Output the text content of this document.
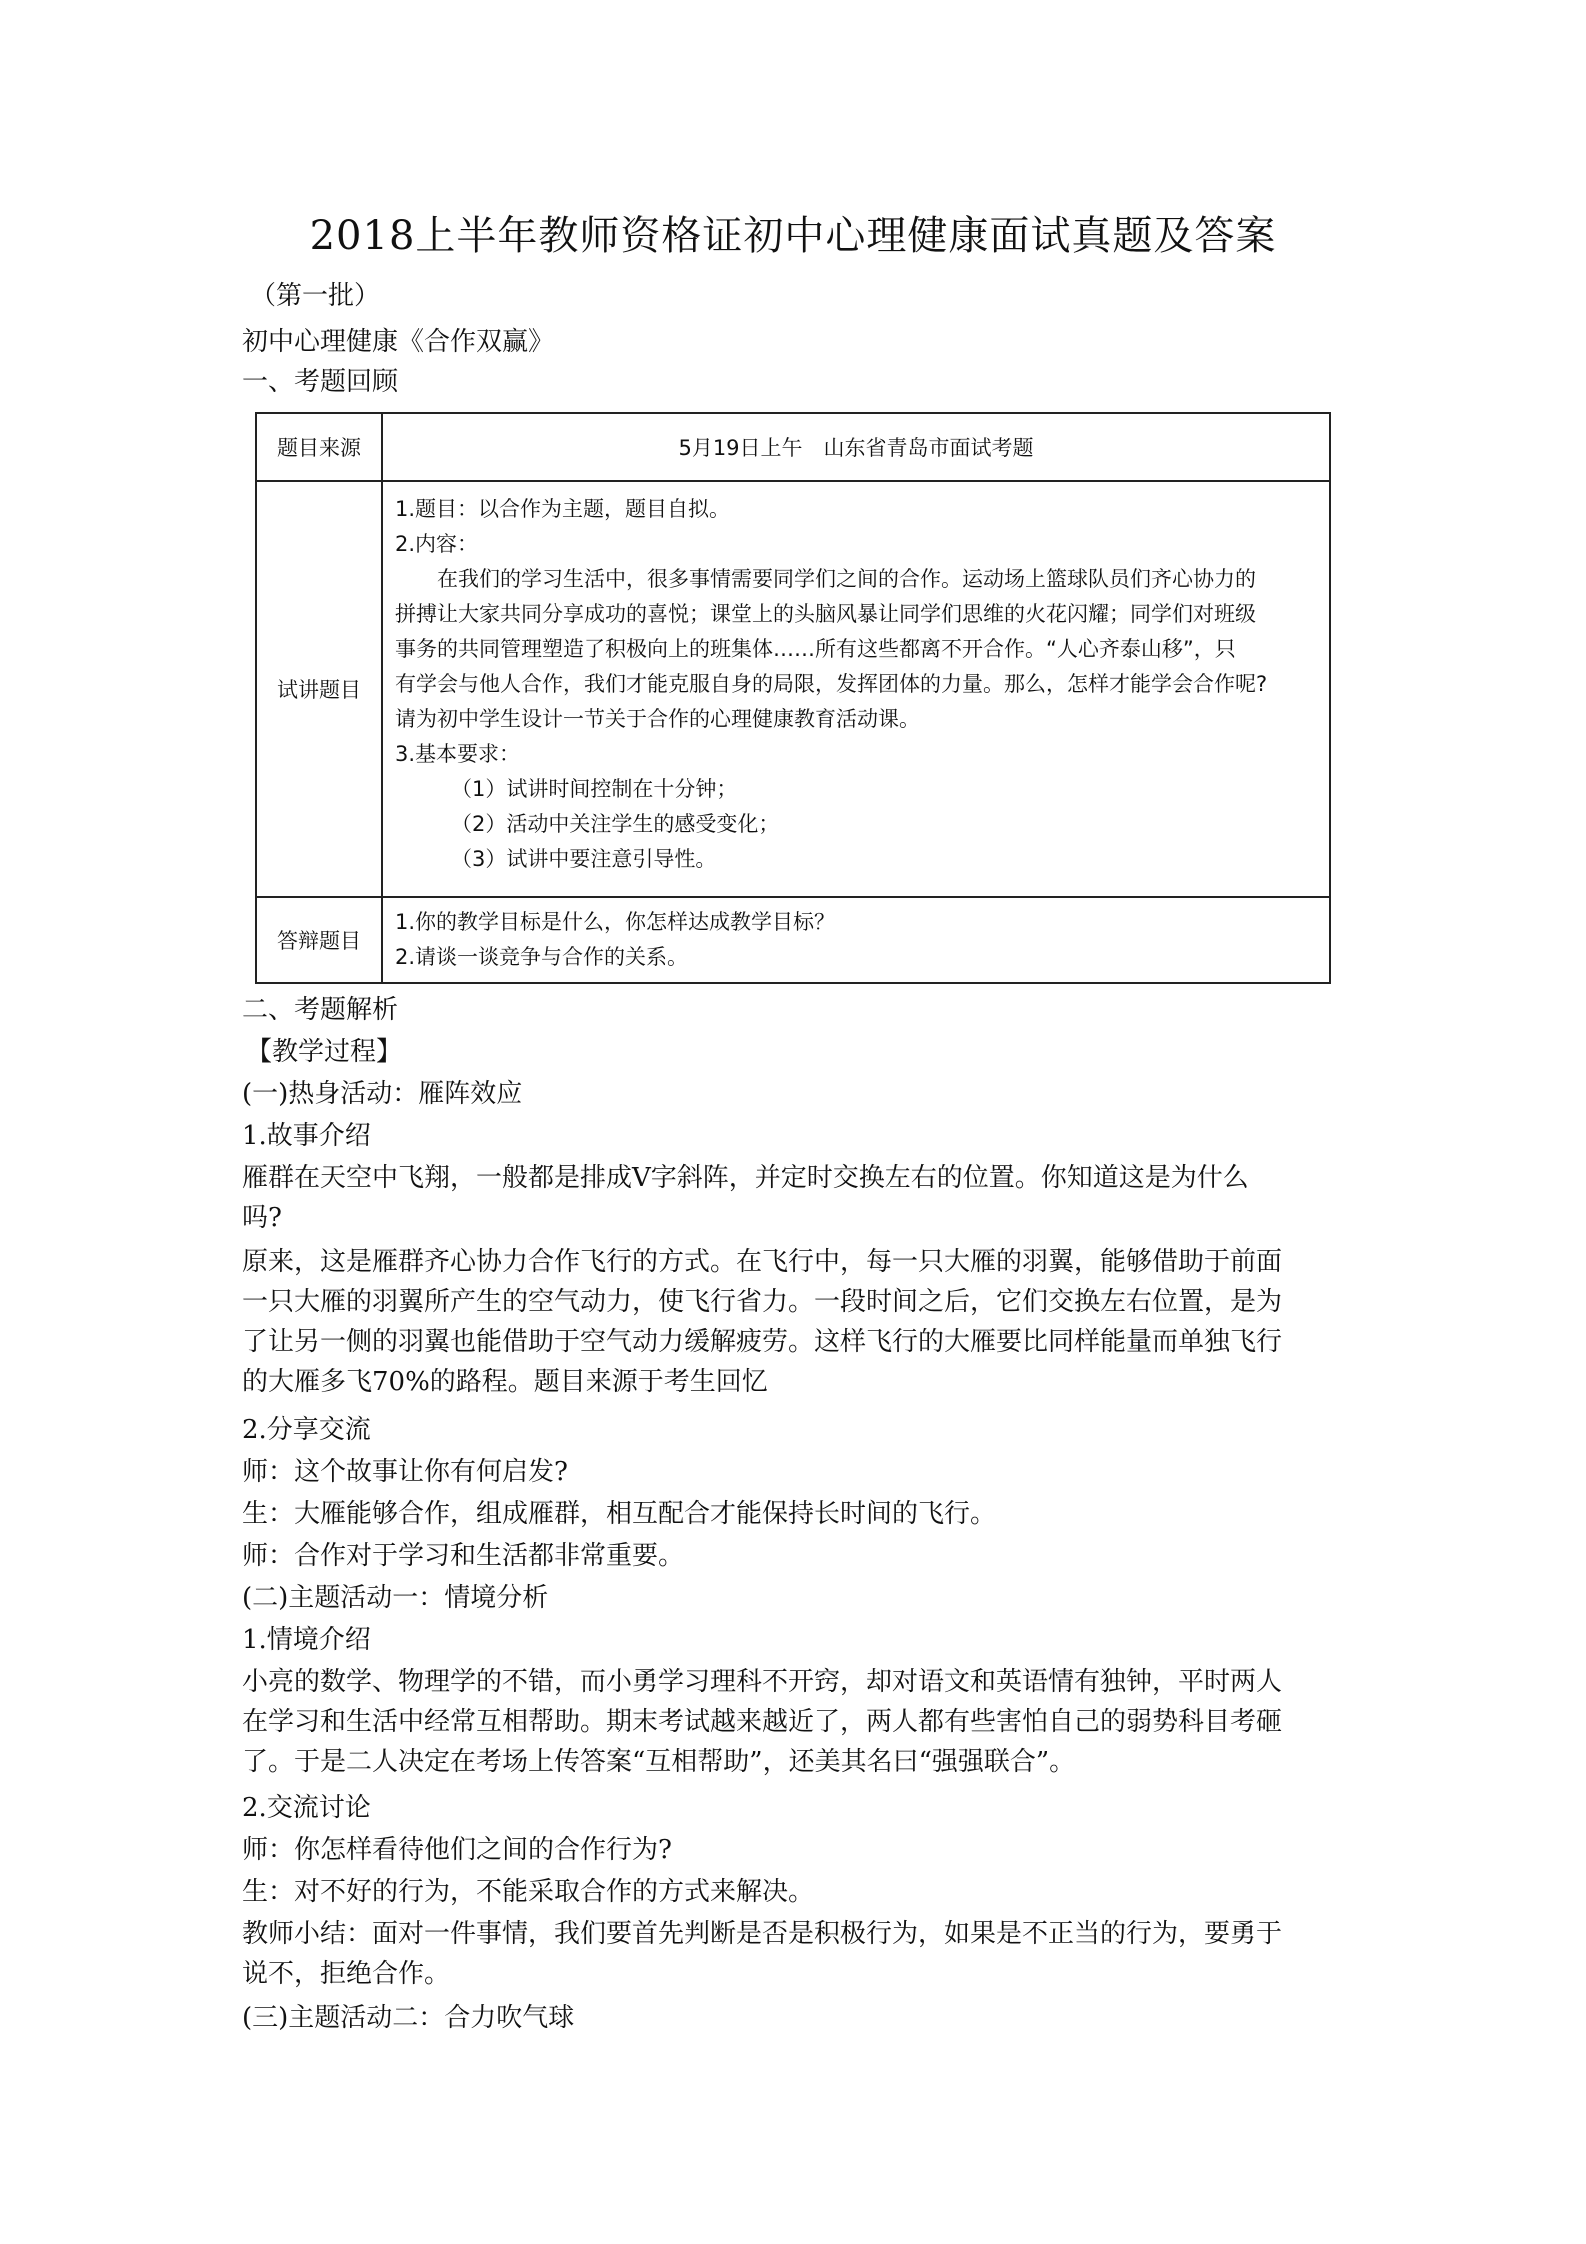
2018上半年教师资格证初中心理健康面试真题及答案
（第一批）
初中心理健康《合作双赢》
一、考题回顾
题目来源	5月19日上午　山东省青岛市面试考题
试讲题目
1.题目：以合作为主题，题目自拟。
2.内容：
在我们的学习生活中，很多事情需要同学们之间的合作。运动场上篮球队员们齐心协力的
拼搏让大家共同分享成功的喜悦；课堂上的头脑风暴让同学们思维的火花闪耀；同学们对班级
事务的共同管理塑造了积极向上的班集体……所有这些都离不开合作。“人心齐泰山移”，只
有学会与他人合作，我们才能克服自身的局限，发挥团体的力量。那么，怎样才能学会合作呢?
请为初中学生设计一节关于合作的心理健康教育活动课。
3.基本要求：
（1）试讲时间控制在十分钟；
（2）活动中关注学生的感受变化；
（3）试讲中要注意引导性。
答辩题目
1.你的教学目标是什么，你怎样达成教学目标？
2.请谈一谈竞争与合作的关系。
二、考题解析
【教学过程】
(一)热身活动：雁阵效应
1.故事介绍
雁群在天空中飞翔，一般都是排成V字斜阵，并定时交换左右的位置。你知道这是为什么
吗?
原来，这是雁群齐心协力合作飞行的方式。在飞行中，每一只大雁的羽翼，能够借助于前面
一只大雁的羽翼所产生的空气动力，使飞行省力。一段时间之后，它们交换左右位置，是为
了让另一侧的羽翼也能借助于空气动力缓解疲劳。这样飞行的大雁要比同样能量而单独飞行
的大雁多飞70%的路程。题目来源于考生回忆
2.分享交流
师：这个故事让你有何启发?
生：大雁能够合作，组成雁群，相互配合才能保持长时间的飞行。
师：合作对于学习和生活都非常重要。
(二)主题活动一：情境分析
1.情境介绍
小亮的数学、物理学的不错，而小勇学习理科不开窍，却对语文和英语情有独钟，平时两人
在学习和生活中经常互相帮助。期末考试越来越近了，两人都有些害怕自己的弱势科目考砸
了。于是二人决定在考场上传答案“互相帮助”，还美其名曰“强强联合”。
2.交流讨论
师：你怎样看待他们之间的合作行为?
生：对不好的行为，不能采取合作的方式来解决。
教师小结：面对一件事情，我们要首先判断是否是积极行为，如果是不正当的行为，要勇于
说不，拒绝合作。
(三)主题活动二：合力吹气球
